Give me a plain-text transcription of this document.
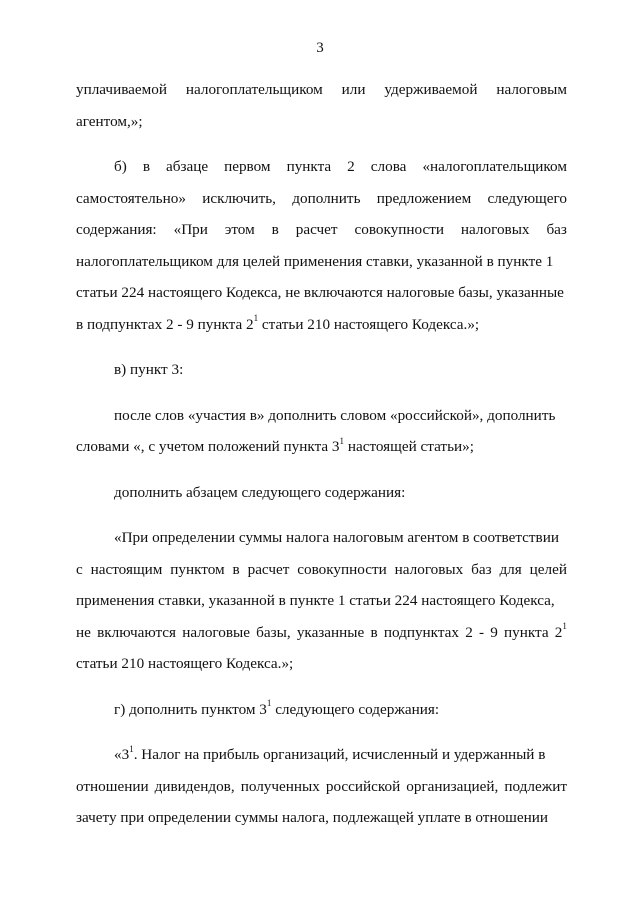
3
уплачиваемой налогоплательщиком или удерживаемой налоговым
агентом,»;
б) в абзаце первом пункта 2 слова «налогоплательщиком
самостоятельно» исключить, дополнить предложением следующего
содержания: «При этом в расчет совокупности налоговых баз
налогоплательщиком для целей применения ставки, указанной в пункте 1
статьи 224 настоящего Кодекса, не включаются налоговые базы, указанные
в подпунктах 2 - 9 пункта $2^1$ статьи 210 настоящего Кодекса.»;
в) пункт 3:
после слов «участия в» дополнить словом «российской», дополнить
словами «, с учетом положений пункта $3^1$ настоящей статьи»;
дополнить абзацем следующего содержания:
«При определении суммы налога налоговым агентом в соответствии
с настоящим пунктом в расчет совокупности налоговых баз для целей
применения ставки, указанной в пункте 1 статьи 224 настоящего Кодекса,
не включаются налоговые базы, указанные в подпунктах 2 - 9 пункта $2^1$
статьи 210 настоящего Кодекса.»;
г) дополнить пунктом $3^1$ следующего содержания:
«$3^1$. Налог на прибыль организаций, исчисленный и удержанный в
отношении дивидендов, полученных российской организацией, подлежит
зачету при определении суммы налога, подлежащей уплате в отношении
